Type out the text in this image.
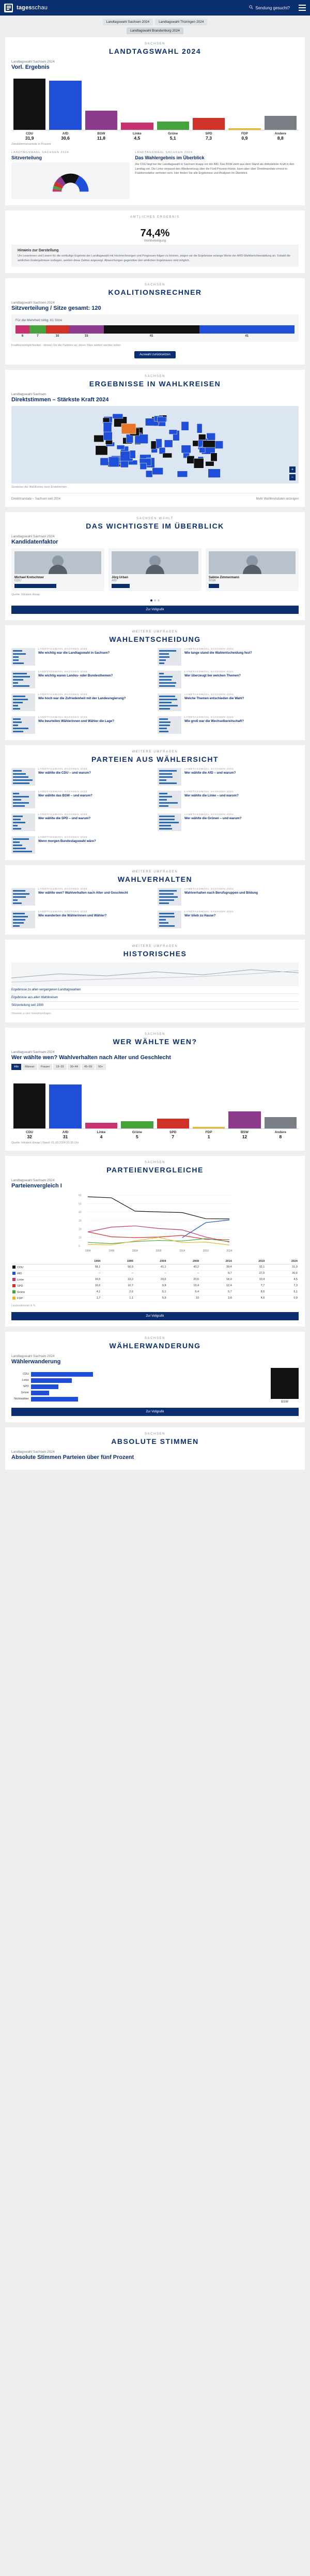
tagesschau	Sendung gesucht?
Landtagswahl Sachsen 2024	Landtagswahl Thüringen 2024
Landtagswahl Brandenburg 2024
SACHSEN
LANDTAGSWAHL 2024
Landtagswahl Sachsen 2024
Vorl. Ergebnis
CDU
31,9
AfD
30,6
BSW
11,8
Linke
4,5
Grüne
5,1
SPD
7,3
FDP
0,9
Andere
8,8
Zweitstimmenanteile in Prozent
LANDTAGSWAHL SACHSEN 2024
Sitzverteilung
LANDTAGSWAHL SACHSEN 2024
Das Wahlergebnis im Überblick
Die CDU liegt bei der Landtagswahl in Sachsen knapp vor der AfD. Das BSW zieht aus dem Stand als drittstärkste Kraft in den Landtag ein. Die Linke verpasst den Wiedereinzug über die Fünf-Prozent-Hürde, kann aber über Direktmandate erneut in Fraktionsstärke vertreten sein. Hier finden Sie alle Ergebnisse und Analysen im Überblick.
AMTLICHES ERGEBNIS
74,4%
Wahlbeteiligung
Hinweis zur Darstellung
Um Leserinnen und Lesern für die vorläufige Ergebnis der Landtagswahl mit Hochrechnungen und Prognosen folgen zu können, zeigen wir die Ergebnisse solange Werte der ARD-Wahlberichterstattung an. Sobald die amtlichen Endergebnisse vorliegen, werden diese Zahlen angezeigt. Abweichungen gegenüber den amtlichen Ergebnissen sind möglich.
SACHSEN
KOALITIONSRECHNER
Landtagswahl Sachsen 2024
Sitzverteilung / Sitze gesamt: 120
Für die Mehrheit nötig: 61 Sitze
6	7	10	15	41	41
Koalitionsmöglichkeiten - klicken Sie die Parteien an, deren Sitze addiert werden sollen
Auswahl zurücksetzen
SACHSEN
ERGEBNISSE IN WAHLKREISEN
Landtagswahl Sachsen
Direktstimmen – Stärkste Kraft 2024
+
−
Gewinner der Wahlkreise nach Erststimmen
Direktmandate – Sachsen seit 2004	Mehr Wahlkreisdaten anzeigen
SACHSEN WÄHLT
DAS WICHTIGSTE IM ÜBERBLICK
Landtagswahl Sachsen 2024
Kandidatenfaktor
Michael Kretschmer
CDU
Jörg Urban
AfD
Sabine Zimmermann
BSW
Quelle: Infratest dimap
Zur Vollgrafik
WEITERE UMFRAGEN
WAHLENTSCHEIDUNG
LANDTAGSWAHL SACHSEN 2024
Wie wichtig war die Landtagswahl in Sachsen?
LANDTAGSWAHL SACHSEN 2024
Wie lange stand die Wahlentscheidung fest?
LANDTAGSWAHL SACHSEN 2024
Wie wichtig waren Landes- oder Bundesthemen?
LANDTAGSWAHL SACHSEN 2024
Wer überzeugt bei welchen Themen?
LANDTAGSWAHL SACHSEN 2024
Wie hoch war die Zufriedenheit mit der Landesregierung?
LANDTAGSWAHL SACHSEN 2024
Welche Themen entschieden die Wahl?
LANDTAGSWAHL SACHSEN 2024
Wie beurteilen Wählerinnen und Wähler die Lage?
LANDTAGSWAHL SACHSEN 2024
Wie groß war die Wechselbereitschaft?
WEITERE UMFRAGEN
PARTEIEN AUS WÄHLERSICHT
LANDTAGSWAHL SACHSEN 2024
Wer wählte die CDU – und warum?
LANDTAGSWAHL SACHSEN 2024
Wer wählte die AfD – und warum?
LANDTAGSWAHL SACHSEN 2024
Wer wählte das BSW – und warum?
LANDTAGSWAHL SACHSEN 2024
Wer wählte die Linke – und warum?
LANDTAGSWAHL SACHSEN 2024
Wer wählte die SPD – und warum?
LANDTAGSWAHL SACHSEN 2024
Wer wählte die Grünen – und warum?
LANDTAGSWAHL SACHSEN 2024
Wenn morgen Bundestagswahl wäre?
WEITERE UMFRAGEN
WAHLVERHALTEN
LANDTAGSWAHL SACHSEN 2024
Wer wählte wen? Wahlverhalten nach Alter und Geschlecht
LANDTAGSWAHL SACHSEN 2024
Wahlverhalten nach Berufsgruppen und Bildung
LANDTAGSWAHL SACHSEN 2024
Wie wanderten die Wählerinnen und Wähler?
LANDTAGSWAHL SACHSEN 2024
Wer blieb zu Hause?
WEITERE UMFRAGEN
HISTORISCHES
Ergebnisse zu allen vergangenen Landtagswahlen
Ergebnisse aus allen Wahlkreisen
Sitzverteilung seit 1990
Hinweise zu den Vorwahlumfragen
SACHSEN
WER WÄHLTE WEN?
Landtagswahl Sachsen 2024
Wer wählte wen? Wahlverhalten nach Alter und Geschlecht
Alle	Männer	Frauen	18–29	30–44	45–59	60+
CDU
32
AfD
31
Linke
4
Grüne
5
SPD
7
FDP
1
BSW
12
Andere
8
Quelle: Infratest dimap | Stand: 01.09.2024 20:30 Uhr
SACHSEN
PARTEIENVERGLEICHE
Landtagswahl Sachsen 2024
Parteienvergleich I
0
10
20
30
40
50
60
1994	1999	2004	2009	2014	2019	2024
	1994	1999	2004	2009	2014	2019	2024
CDU	58,1	56,9	41,1	40,2	39,4	32,1	31,9
AfD	–	–	–	–	9,7	27,5	30,6
Linke	16,5	22,2	23,6	20,6	18,9	10,4	4,5
SPD	16,6	10,7	9,8	10,4	12,4	7,7	7,3
Grüne	4,1	2,6	5,1	6,4	5,7	8,6	5,1
FDP	1,7	1,1	5,9	10	3,8	4,5	0,9
Landesstimmen in %
Zur Vollgrafik
SACHSEN
WÄHLERWANDERUNG
Landtagswahl Sachsen 2024
Wählerwanderung
CDU
Linke
SPD
Grüne
Nichtwähler
BSW
Zur Vollgrafik
SACHSEN
ABSOLUTE STIMMEN
Landtagswahl Sachsen 2024
Absolute Stimmen Parteien über fünf Prozent
